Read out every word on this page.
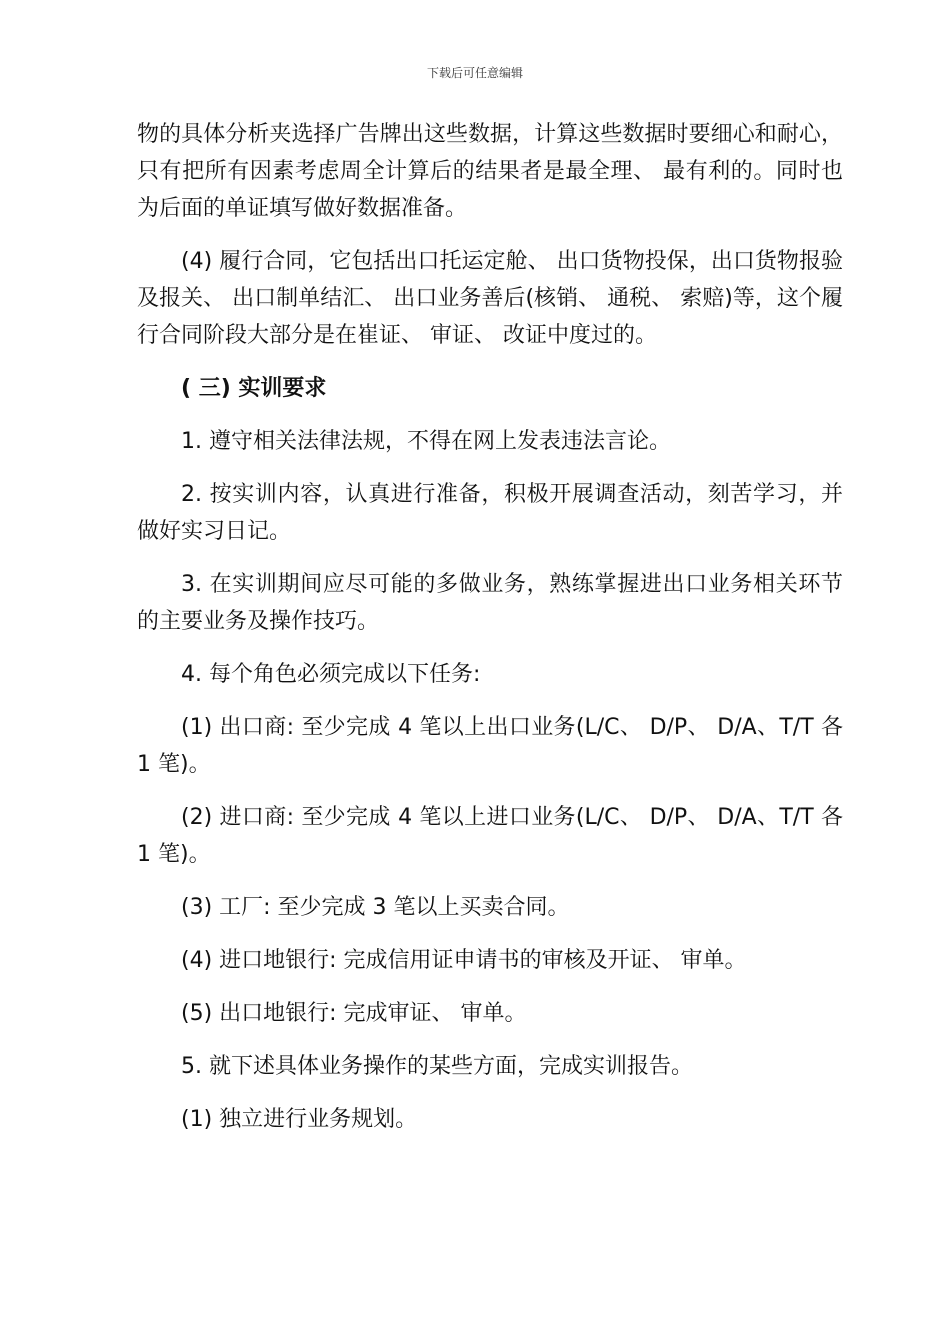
下载后可任意编辑

物的具体分析夹选择广告牌出这些数据，计算这些数据时要细心和耐心，只有把所有因素考虑周全计算后的结果者是最全理、 最有利的。同时也为后面的单证填写做好数据准备。

(4) 履行合同，它包括出口托运定舱、 出口货物投保，出口货物报验及报关、 出口制单结汇、 出口业务善后(核销、 通税、 索赔)等，这个履行合同阶段大部分是在崔证、 审证、 改证中度过的。

( 三) 实训要求

1. 遵守相关法律法规，不得在网上发表违法言论。

2. 按实训内容，认真进行准备，积极开展调查活动，刻苦学习，并做好实习日记。

3. 在实训期间应尽可能的多做业务，熟练掌握进出口业务相关环节的主要业务及操作技巧。

4. 每个角色必须完成以下任务:

(1) 出口商: 至少完成 4 笔以上出口业务(L/C、 D/P、 D/A、T/T 各 1 笔)。

(2) 进口商: 至少完成 4 笔以上进口业务(L/C、 D/P、 D/A、T/T 各 1 笔)。

(3) 工厂: 至少完成 3 笔以上买卖合同。

(4) 进口地银行: 完成信用证申请书的审核及开证、 审单。

(5) 出口地银行: 完成审证、 审单。

5. 就下述具体业务操作的某些方面，完成实训报告。

(1) 独立进行业务规划。
